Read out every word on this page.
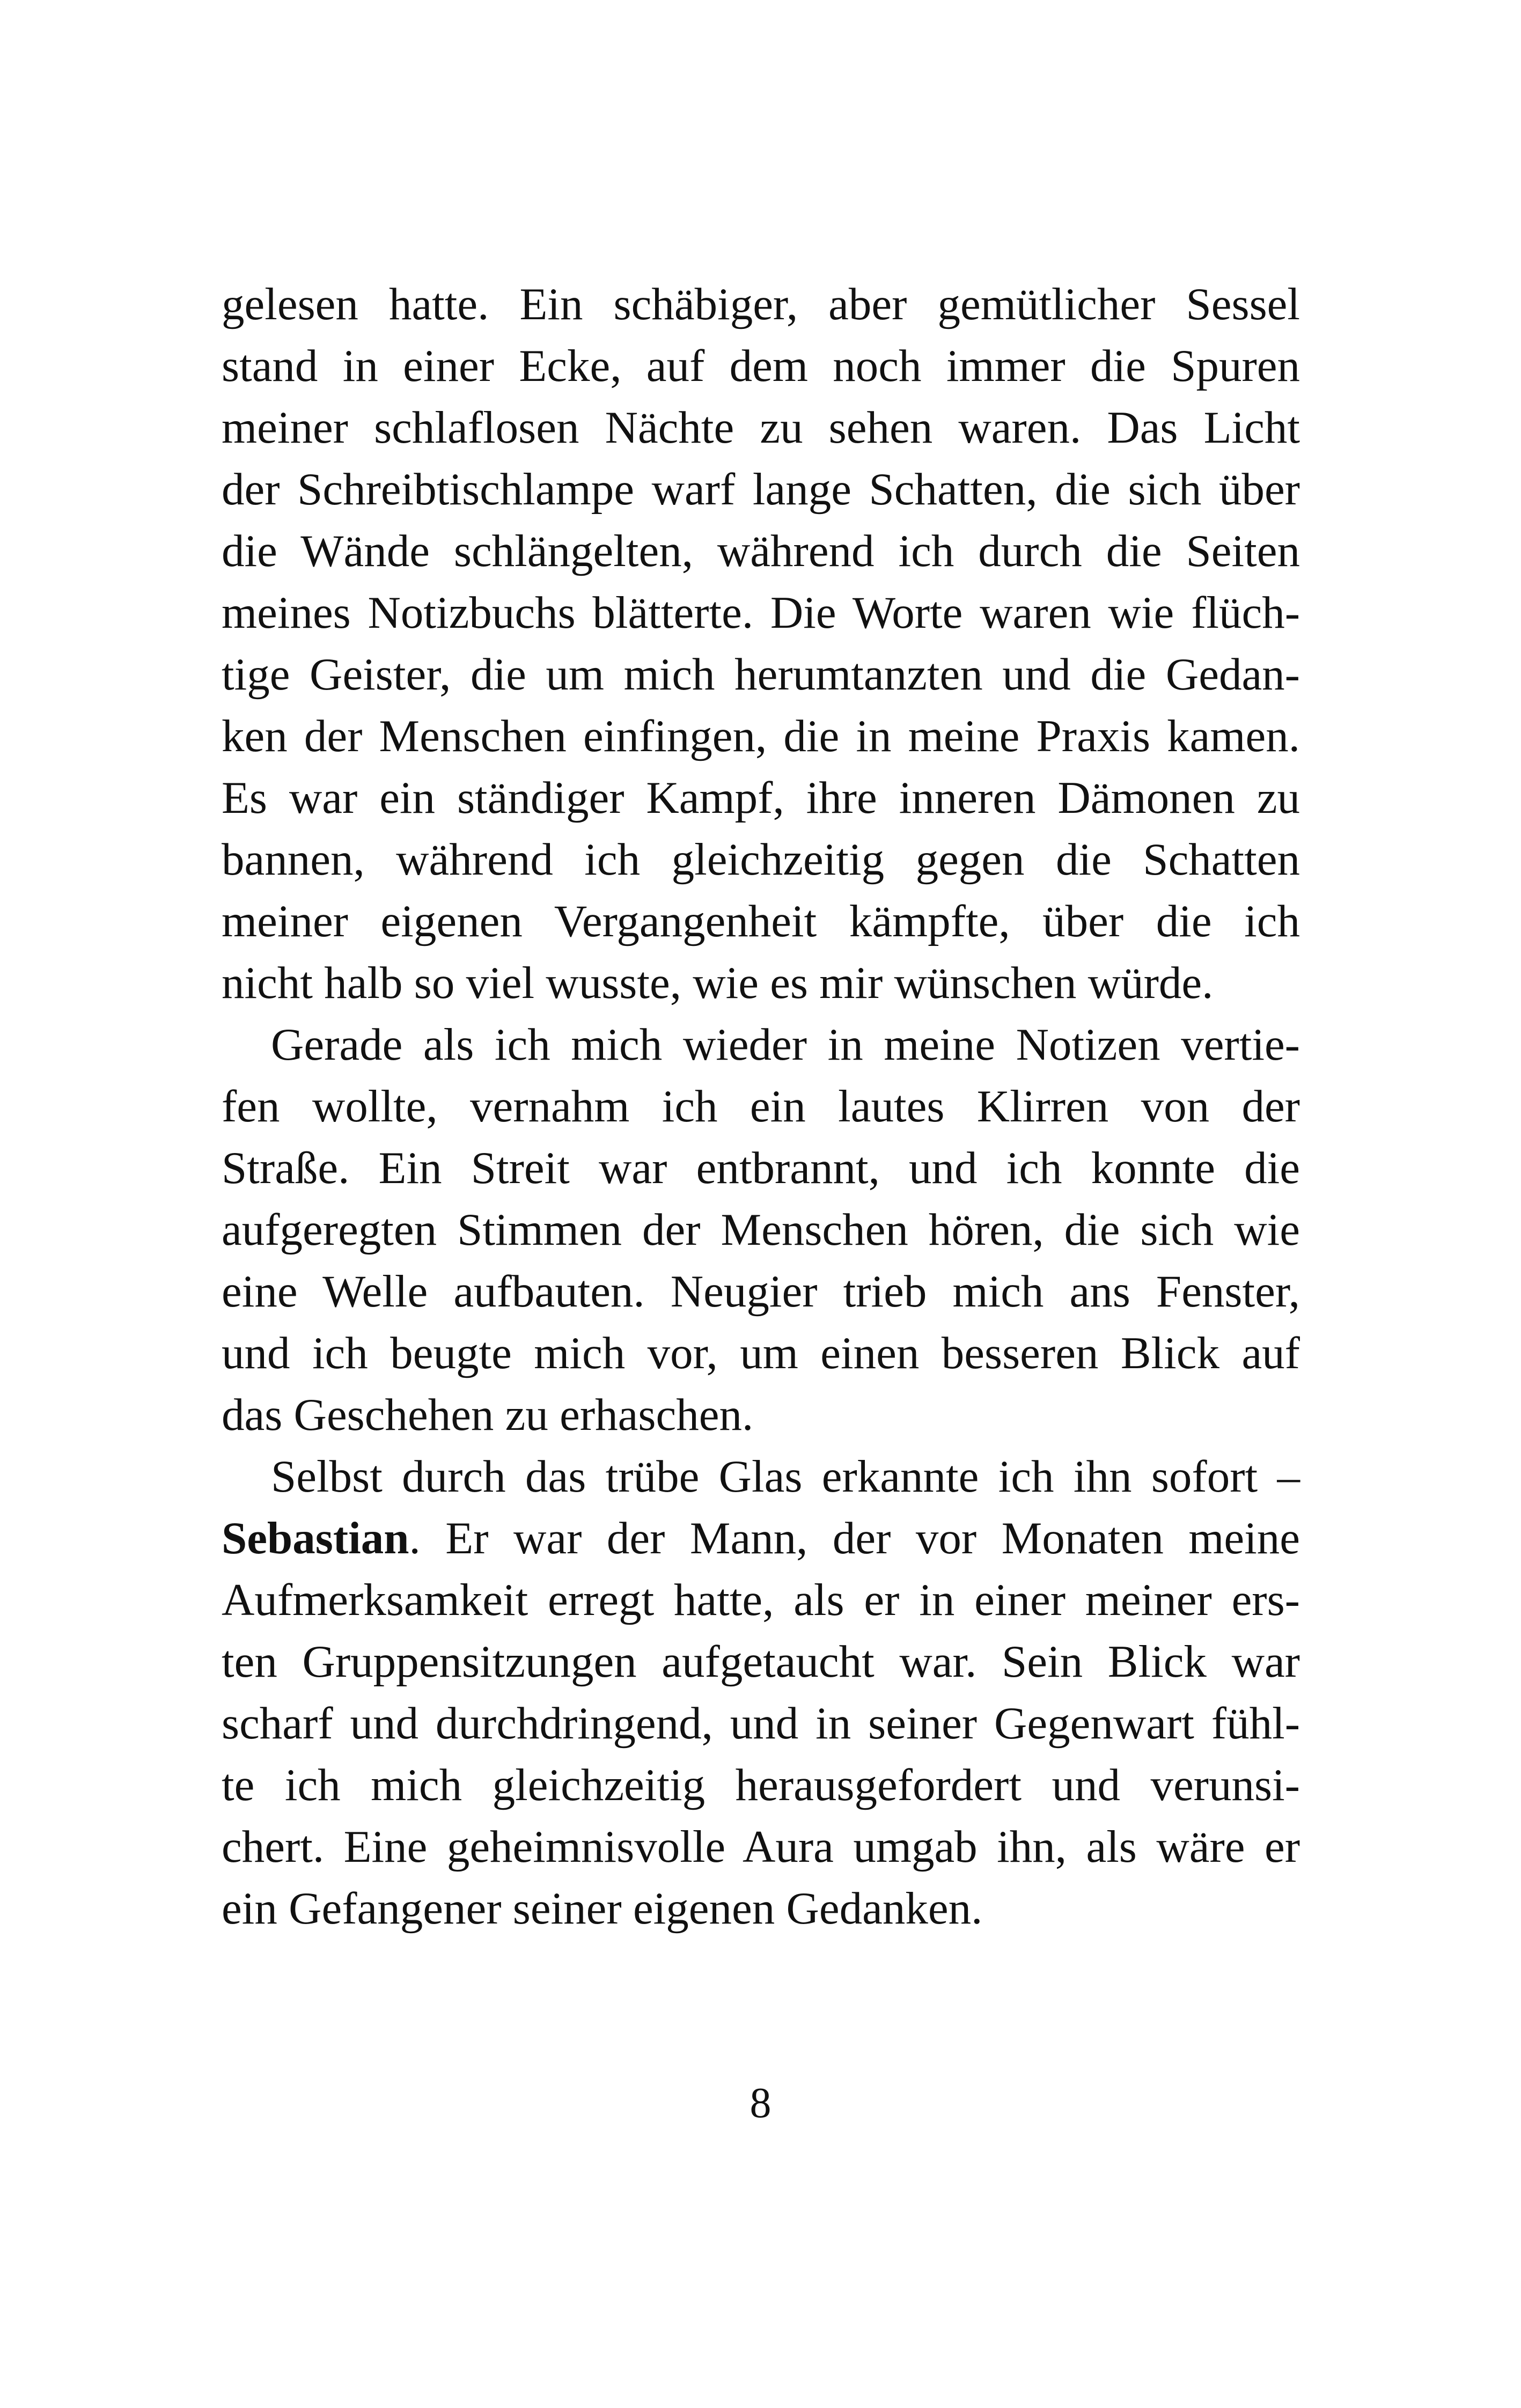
gelesen hatte. Ein schäbiger, aber gemütlicher Sessel
stand in einer Ecke, auf dem noch immer die Spuren
meiner schlaflosen Nächte zu sehen waren. Das Licht
der Schreibtischlampe warf lange Schatten, die sich über
die Wände schlängelten, während ich durch die Seiten
meines Notizbuchs blätterte. Die Worte waren wie flüch-
tige Geister, die um mich herumtanzten und die Gedan-
ken der Menschen einfingen, die in meine Praxis kamen.
Es war ein ständiger Kampf, ihre inneren Dämonen zu
bannen, während ich gleichzeitig gegen die Schatten
meiner eigenen Vergangenheit kämpfte, über die ich
nicht halb so viel wusste, wie es mir wünschen würde.
Gerade als ich mich wieder in meine Notizen vertie-
fen wollte, vernahm ich ein lautes Klirren von der
Straße. Ein Streit war entbrannt, und ich konnte die
aufgeregten Stimmen der Menschen hören, die sich wie
eine Welle aufbauten. Neugier trieb mich ans Fenster,
und ich beugte mich vor, um einen besseren Blick auf
das Geschehen zu erhaschen.
Selbst durch das trübe Glas erkannte ich ihn sofort –
Sebastian. Er war der Mann, der vor Monaten meine
Aufmerksamkeit erregt hatte, als er in einer meiner ers-
ten Gruppensitzungen aufgetaucht war. Sein Blick war
scharf und durchdringend, und in seiner Gegenwart fühl-
te ich mich gleichzeitig herausgefordert und verunsi-
chert. Eine geheimnisvolle Aura umgab ihn, als wäre er
ein Gefangener seiner eigenen Gedanken.
8
